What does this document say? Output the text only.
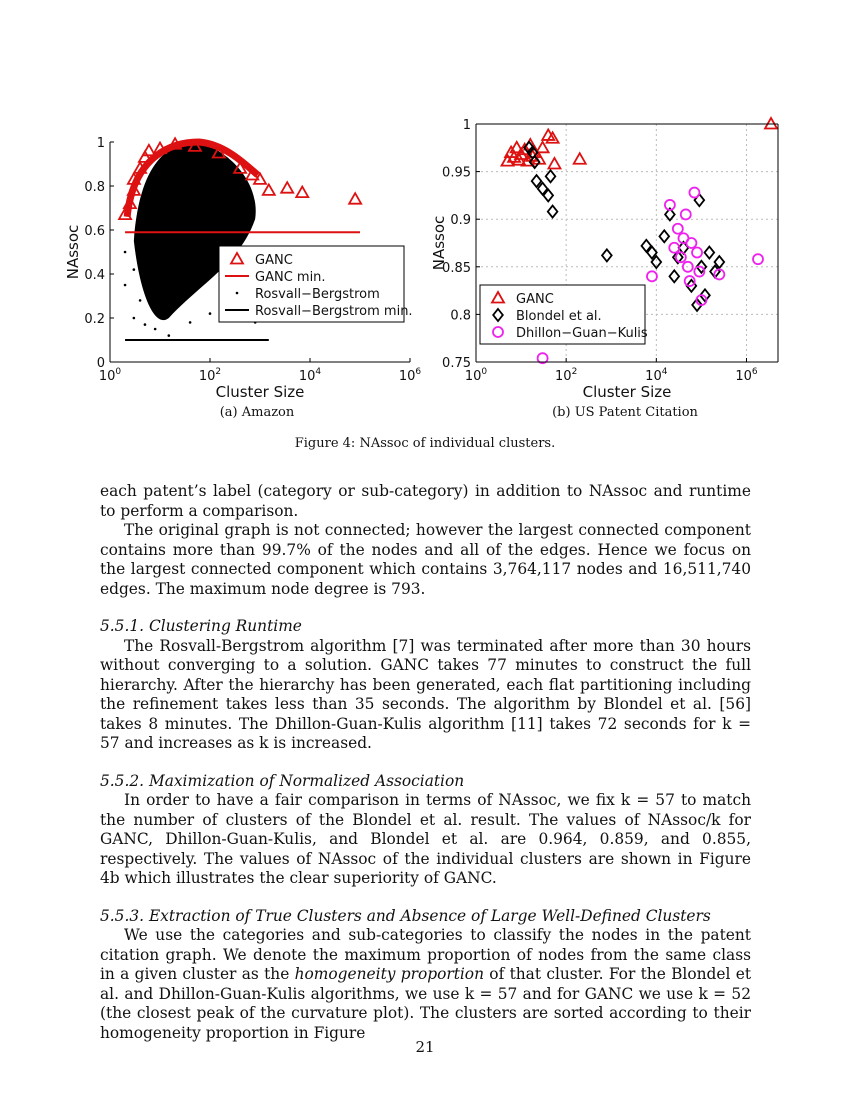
0
0.2
0.4
0.6
0.8
1
$10^0$	$10^2$	$10^4$	$10^6$
Cluster Size
NAssoc	GANC
GANC min.
Rosvall−Bergstrom
Rosvall−Bergstrom min.
0.75
0.8
0.85
0.9
0.95
1
$10^0$	$10^2$	$10^4$	$10^6$
Cluster Size
NAssoc
GANC
Blondel et al.
Dhillon−Guan−Kulis
(a) Amazon	(b) US Patent Citation
Figure 4: NAssoc of individual clusters.

each patent’s label (category or sub-category) in addition to NAssoc and runtime to perform a comparison.

The original graph is not connected; however the largest connected component contains more than 99.7% of the nodes and all of the edges. Hence we focus on the largest connected component which contains 3,764,117 nodes and 16,511,740 edges. The maximum node degree is 793.

5.5.1. Clustering Runtime

The Rosvall-Bergstrom algorithm [7] was terminated after more than 30 hours without converging to a solution. GANC takes 77 minutes to construct the full hierarchy. After the hierarchy has been generated, each flat partitioning including the refinement takes less than 35 seconds. The algorithm by Blondel et al. [56] takes 8 minutes. The Dhillon-Guan-Kulis algorithm [11] takes 72 seconds for k = 57 and increases as k is increased.

5.5.2. Maximization of Normalized Association

In order to have a fair comparison in terms of NAssoc, we fix k = 57 to match the number of clusters of the Blondel et al. result. The values of NAssoc/k for GANC, Dhillon-Guan-Kulis, and Blondel et al. are 0.964, 0.859, and 0.855, respectively. The values of NAssoc of the individual clusters are shown in Figure 4b which illustrates the clear superiority of GANC.

5.5.3. Extraction of True Clusters and Absence of Large Well-Defined Clusters

We use the categories and sub-categories to classify the nodes in the patent citation graph. We denote the maximum proportion of nodes from the same class in a given cluster as the homogeneity proportion of that cluster. For the Blondel et al. and Dhillon-Guan-Kulis algorithms, we use k = 57 and for GANC we use k = 52 (the closest peak of the curvature plot). The clusters are sorted according to their homogeneity proportion in Figure

21
